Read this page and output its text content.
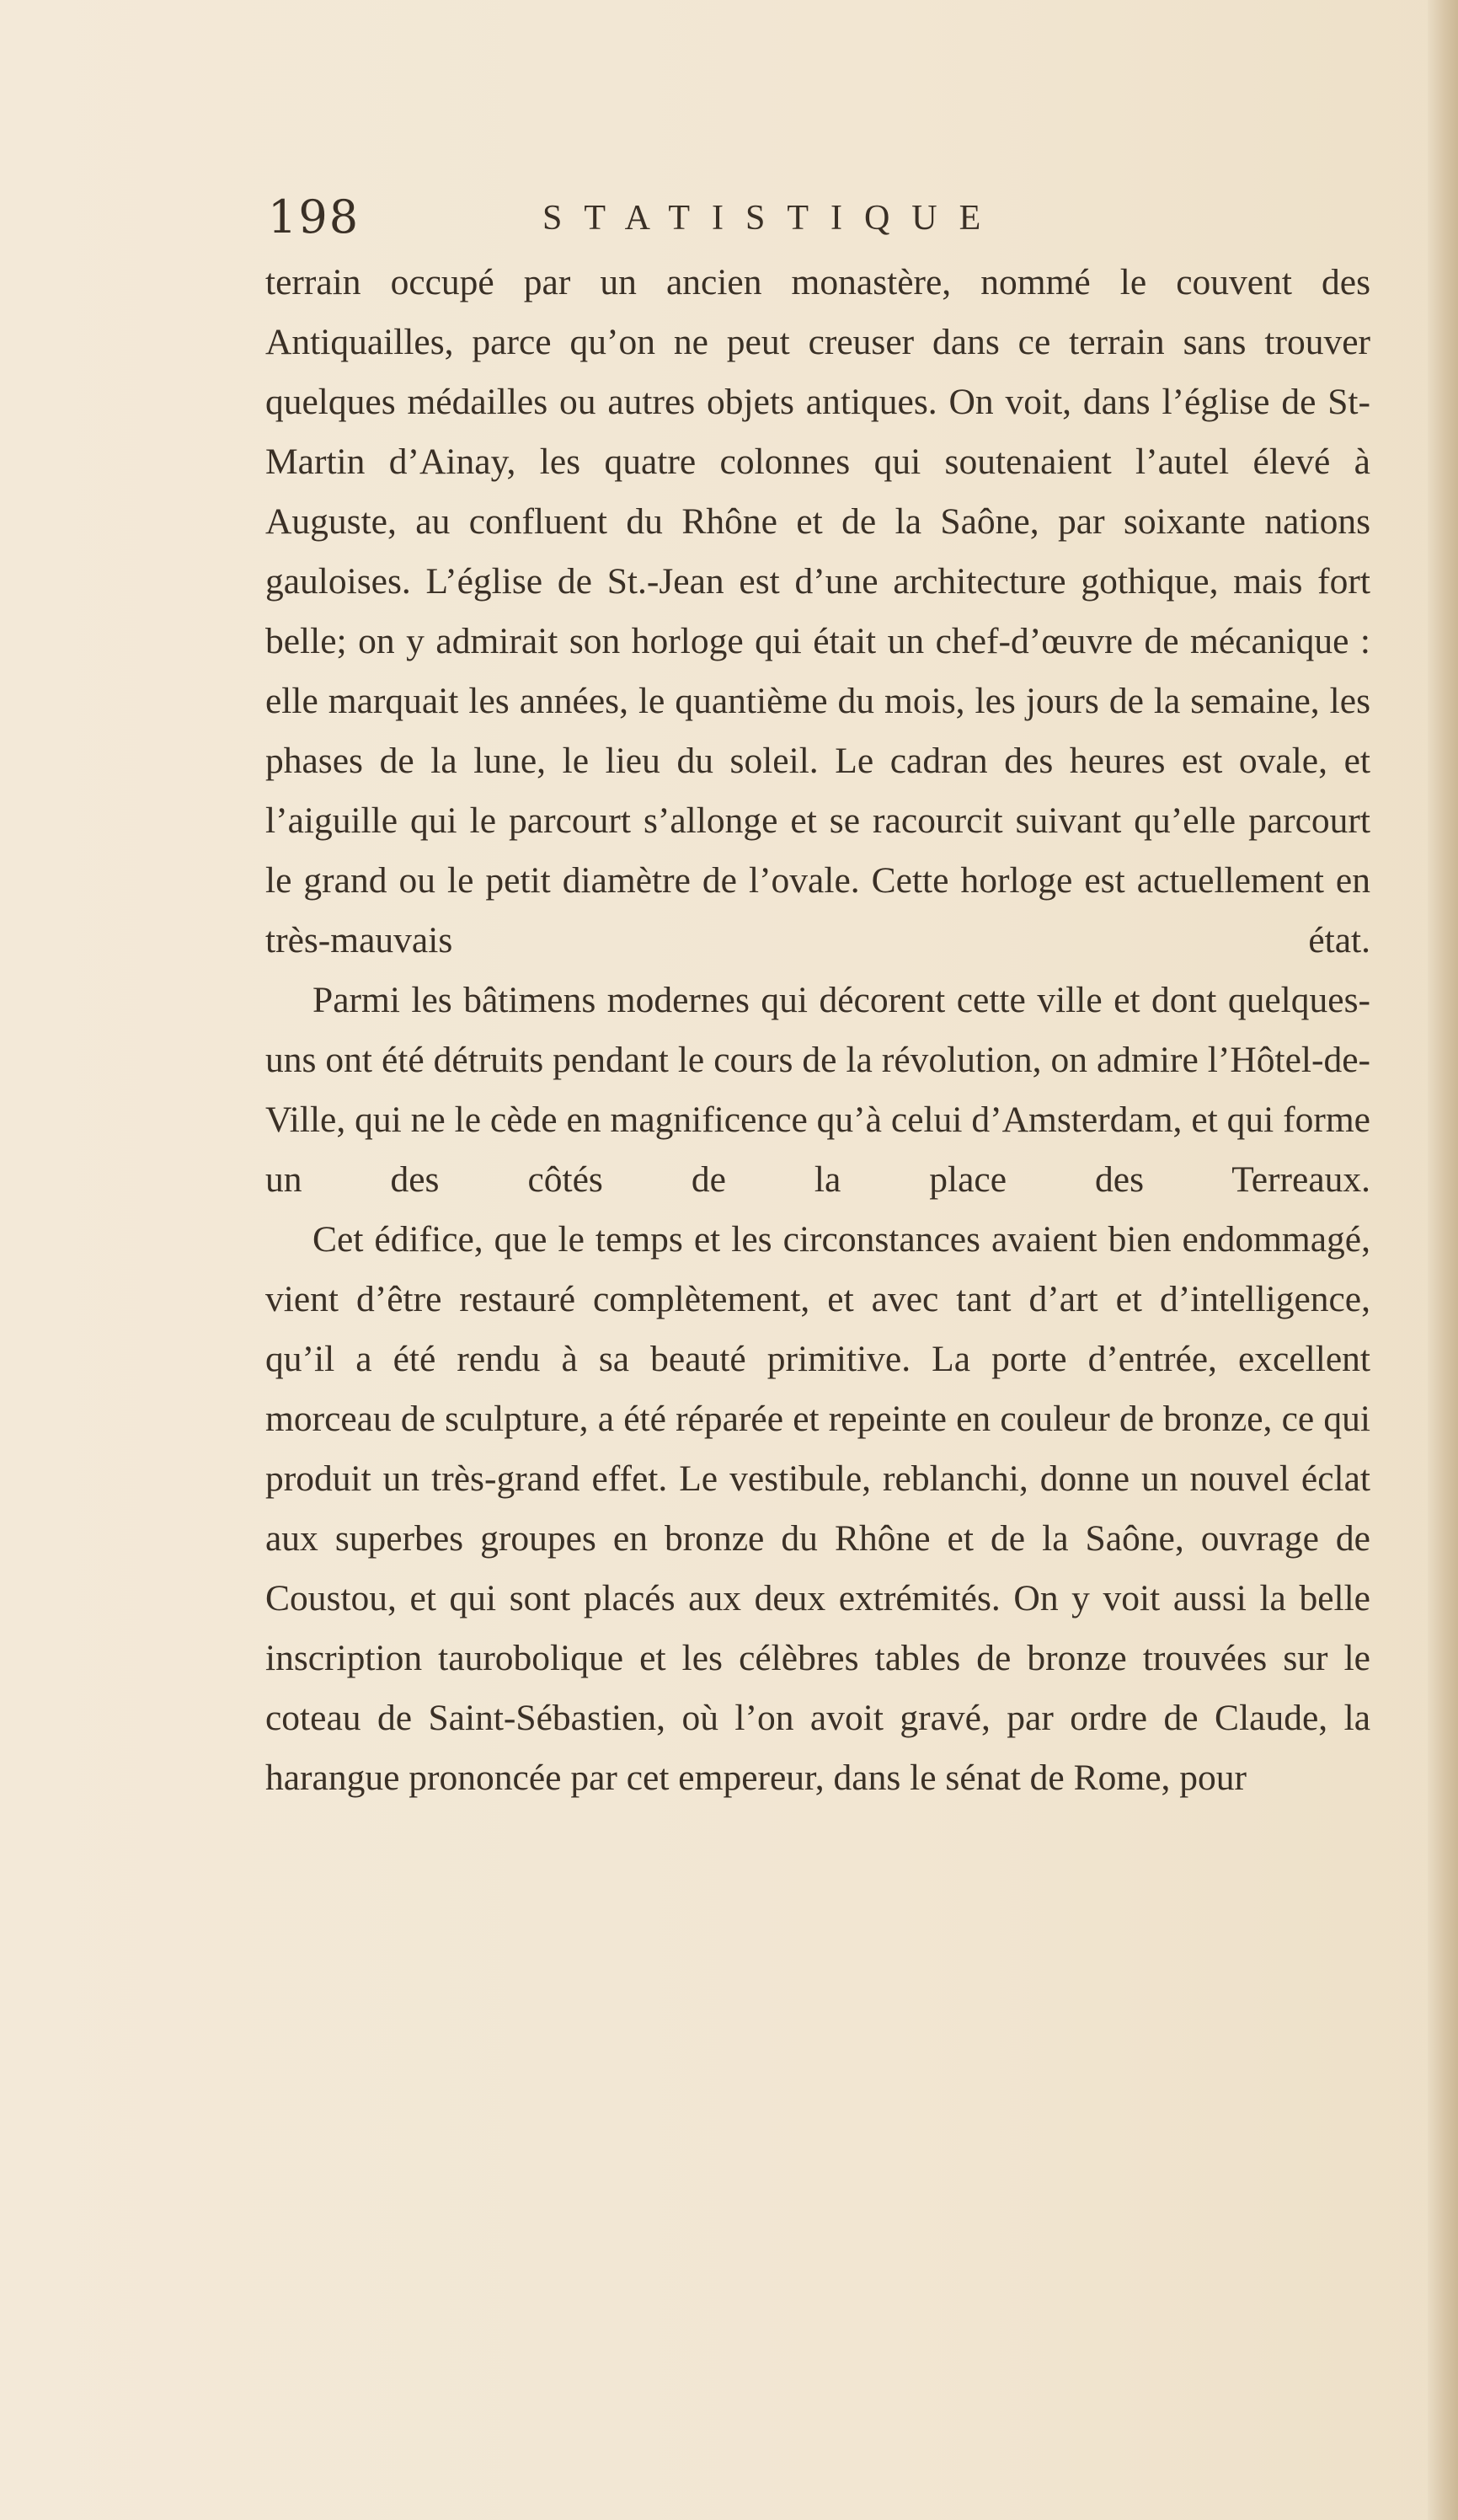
198	STATISTIQUE

terrain occupé par un ancien monastère, nommé le couvent des Antiquailles, parce qu’on ne peut creuser dans ce terrain sans trouver quelques médailles ou autres objets antiques. On voit, dans l’église de St-Martin d’Ainay, les quatre colonnes qui soutenaient l’autel élevé à Auguste, au confluent du Rhône et de la Saône, par soixante nations gauloises. L’église de St.-Jean est d’une architecture gothique, mais fort belle; on y admirait son horloge qui était un chef-d’œuvre de mécanique : elle marquait les années, le quantième du mois, les jours de la semaine, les phases de la lune, le lieu du soleil. Le cadran des heures est ovale, et l’aiguille qui le parcourt s’allonge et se racourcit suivant qu’elle parcourt le grand ou le petit diamètre de l’ovale. Cette horloge est actuellement en très-mauvais état.

Parmi les bâtimens modernes qui décorent cette ville et dont quelques-uns ont été détruits pendant le cours de la révolution, on admire l’Hôtel-de-Ville, qui ne le cède en magnificence qu’à celui d’Amsterdam, et qui forme un des côtés de la place des Terreaux.

Cet édifice, que le temps et les circonstances avaient bien endommagé, vient d’être restauré complètement, et avec tant d’art et d’intelligence, qu’il a été rendu à sa beauté primitive. La porte d’entrée, excellent morceau de sculpture, a été réparée et repeinte en couleur de bronze, ce qui produit un très-grand effet. Le vestibule, reblanchi, donne un nouvel éclat aux superbes groupes en bronze du Rhône et de la Saône, ouvrage de Coustou, et qui sont placés aux deux extrémités. On y voit aussi la belle inscription taurobolique et les célèbres tables de bronze trouvées sur le coteau de Saint-Sébastien, où l’on avoit gravé, par ordre de Claude, la harangue prononcée par cet empereur, dans le sénat de Rome, pour
